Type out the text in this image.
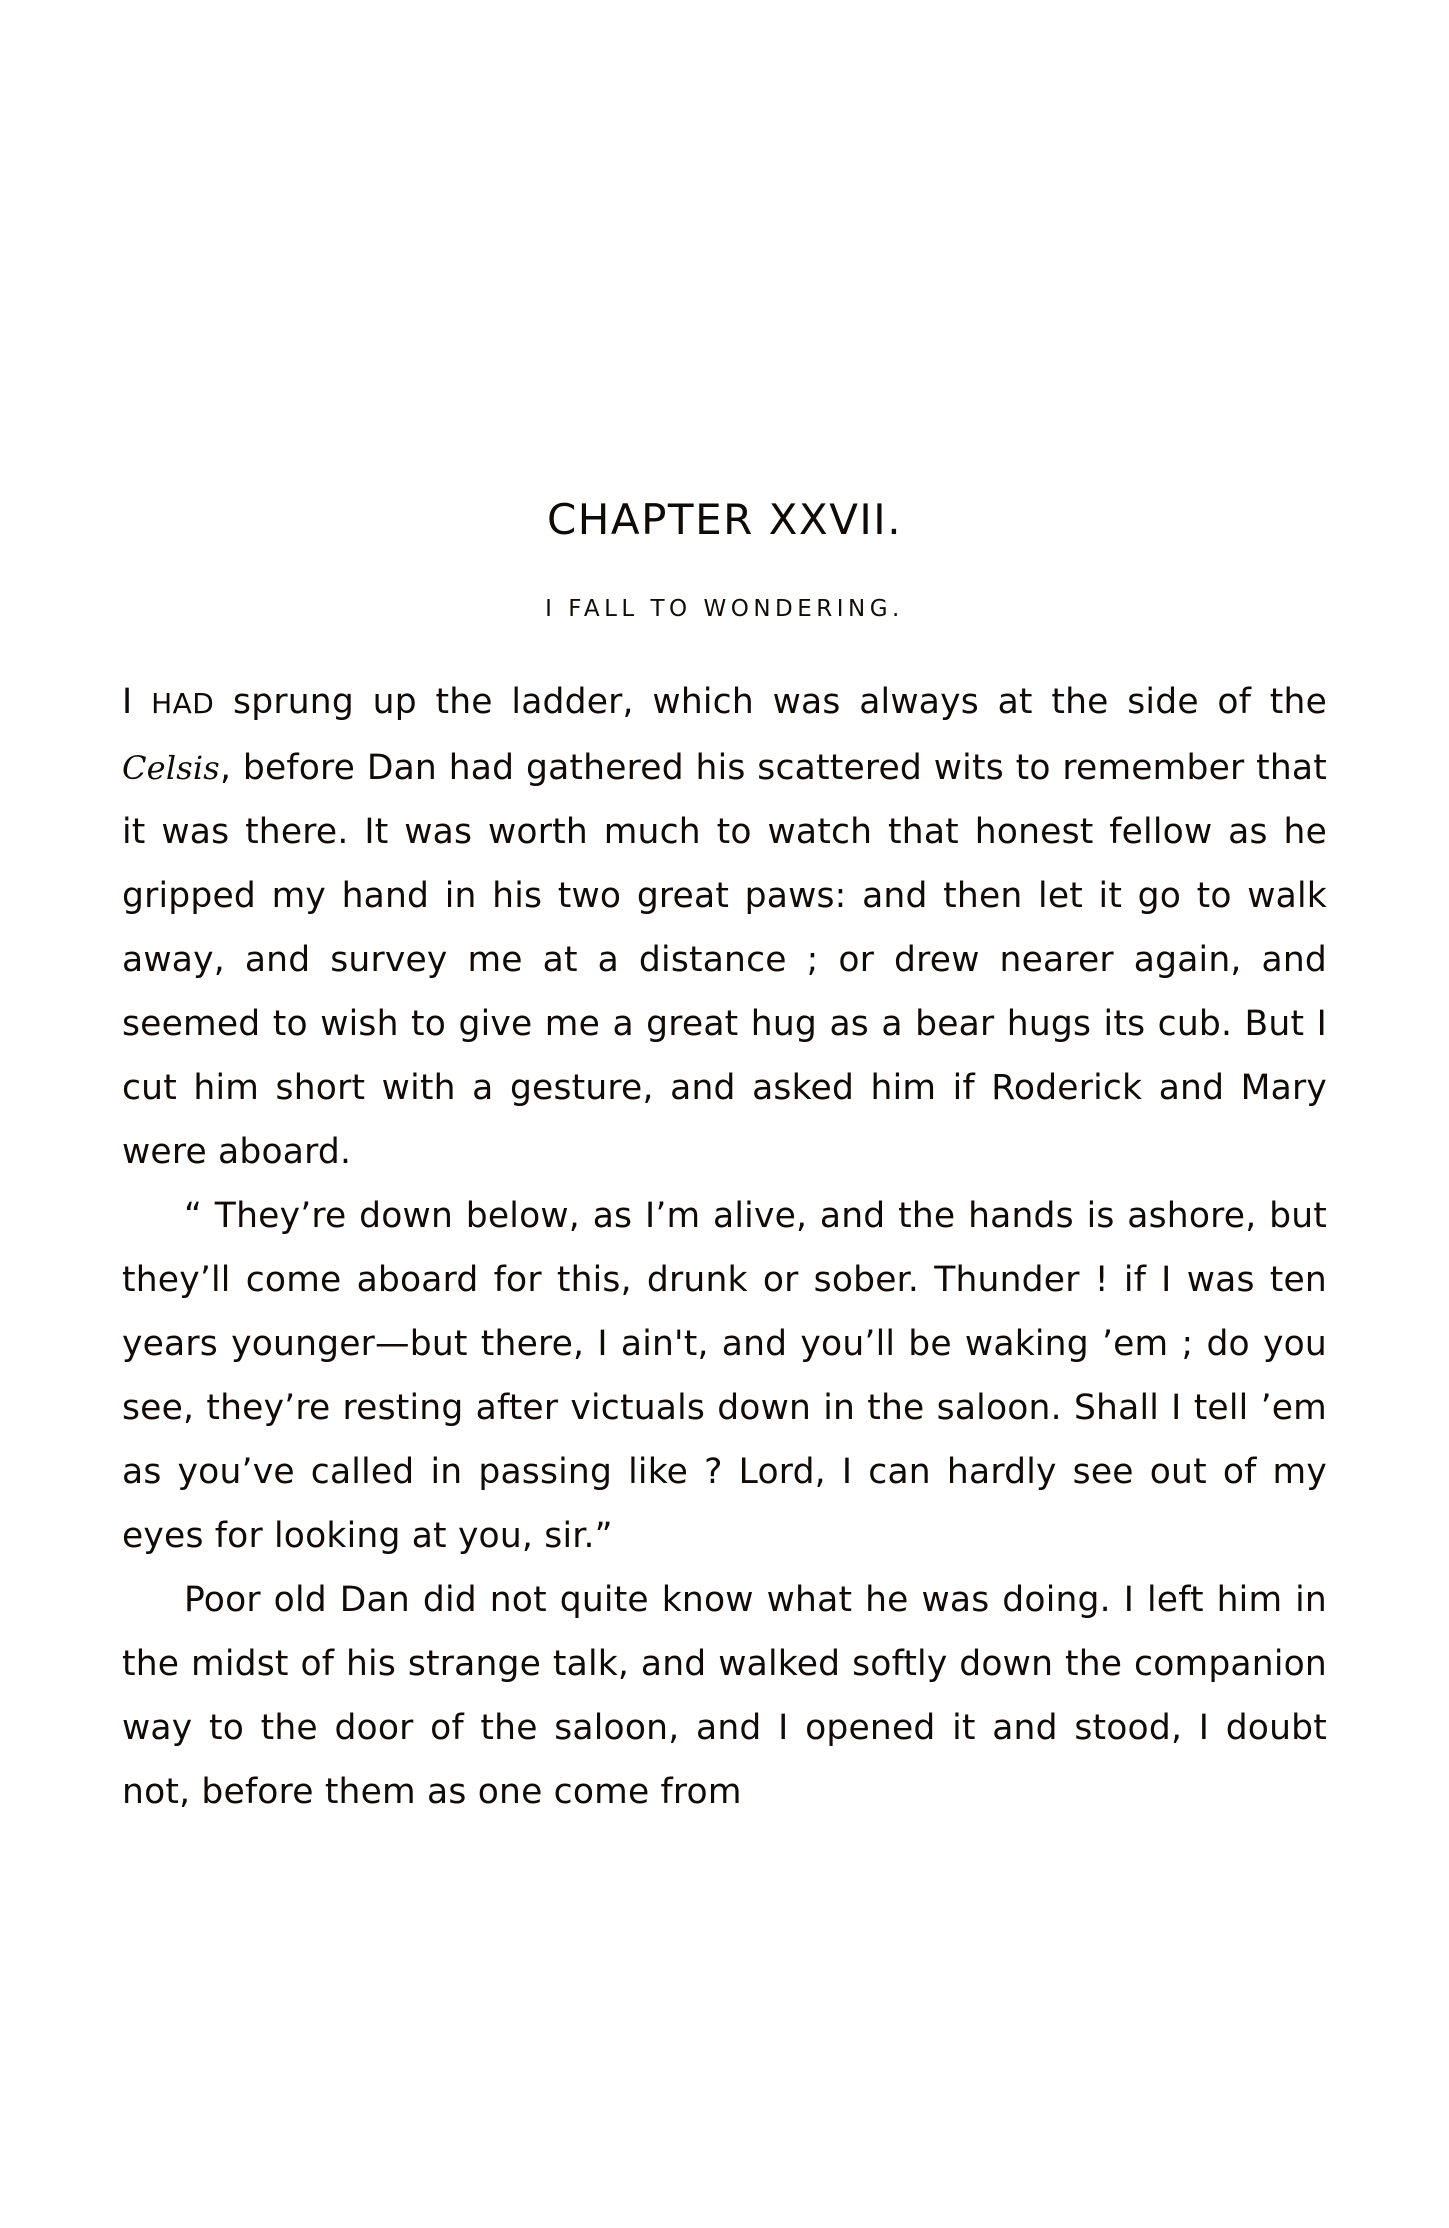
CHAPTER XXVII.
I FALL TO WONDERING.

I HAD sprung up the ladder, which was always at the side of the Celsis, before Dan had gathered his scattered wits to remember that it was there. It was worth much to watch that honest fellow as he gripped my hand in his two great paws: and then let it go to walk away, and survey me at a distance ; or drew nearer again, and seemed to wish to give me a great hug as a bear hugs its cub. But I cut him short with a gesture, and asked him if Roderick and Mary were aboard.

“ They’re down below, as I’m alive, and the hands is ashore, but they’ll come aboard for this, drunk or sober. Thunder ! if I was ten years younger—but there, I ain't, and you’ll be waking ’em ; do you see, they’re resting after victuals down in the saloon. Shall I tell ’em as you’ve called in passing like ? Lord, I can hardly see out of my eyes for looking at you, sir.”

Poor old Dan did not quite know what he was doing. I left him in the midst of his strange talk, and walked softly down the companion way to the door of the saloon, and I opened it and stood, I doubt not, before them as one come from
